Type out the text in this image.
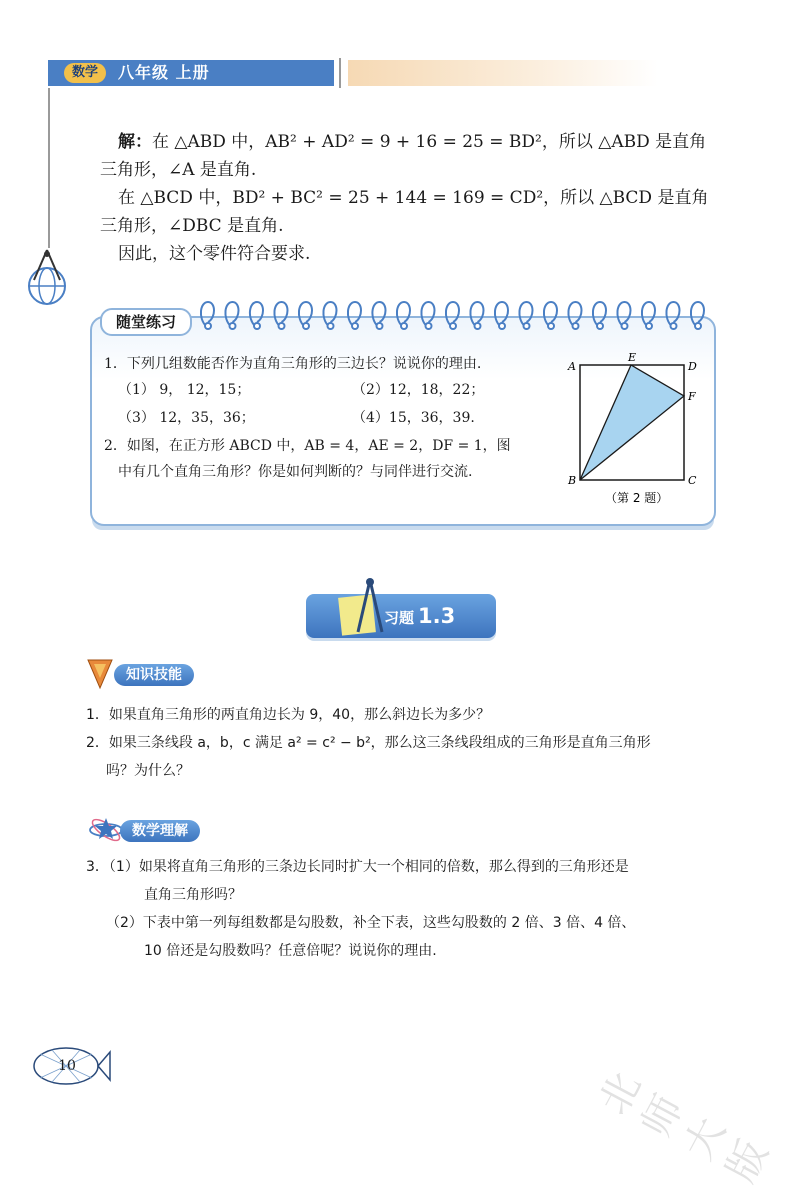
数学	八年级 上册
解：在 △ABD 中，AB² + AD² = 9 + 16 = 25 = BD²，所以 △ABD 是直角
三角形，∠A 是直角.
在 △BCD 中，BD² + BC² = 25 + 144 = 169 = CD²，所以 △BCD 是直角
三角形，∠DBC 是直角.
因此，这个零件符合要求.
随堂练习
1．下列几组数能否作为直角三角形的三边长？说说你的理由.
（1） 9， 12，15；	（2）12，18，22；
（3） 12，35，36；	（4）15，36，39.
2．如图，在正方形 ABCD 中，AB = 4，AE = 2，DF = 1，图
中有几个直角三角形？你是如何判断的？与同伴进行交流.
A
E
D
F
B	C
（第 2 题）
习题 1.3
知识技能
1．如果直角三角形的两直角边长为 9，40，那么斜边长为多少？
2．如果三条线段 a，b，c 满足 a² = c² − b²，那么这三条线段组成的三角形是直角三角形
吗？为什么？
数学理解
3．（1）如果将直角三角形的三条边长同时扩大一个相同的倍数，那么得到的三角形还是
直角三角形吗？
（2）下表中第一列每组数都是勾股数，补全下表，这些勾股数的 2 倍、3 倍、4 倍、
10 倍还是勾股数吗？任意倍呢？说说你的理由.
北师大版
10
